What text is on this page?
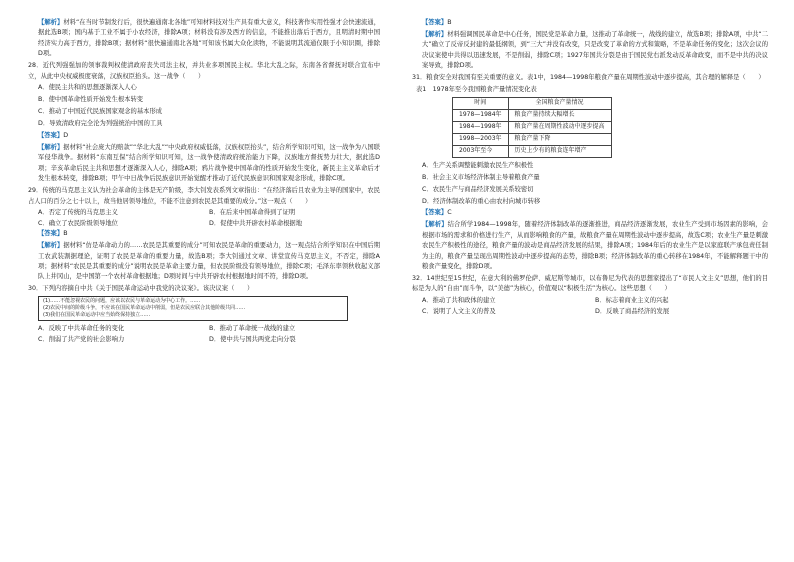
【解析】材料“在当时节制发行后，很快遍通南北各地”可知材料技对生产具有重大意义，科技著作实用性强才会快速流通，据此选B项；国内基于工业不属于小农经济，排除A项；材料没有涉及西方的信息，不能推出落后于西方，且明清时期中国经济实力高于西方，排除B项；据材料“很快遍通南北各地”可知该书属大众化读物，不能说明其流通仅限于小知识圈，排除D项。

28．近代列强强加的领事裁判权使清政府丧失司法主权，并共业多项国民主权。华北大乱之际，东南各省督抚对联合宣布中立，从此中央权威极度衰落，汉族权臣抬头。这一战争（　　）

A．使民主共和的思想逐渐深入人心

B．使中国革命性质开始发生根本转变

C．推动了中国近代民族国家观念的基本形成

D．导致清政府完全沦为列强统治中国的工具

【答案】D

【解析】据材料“社会庞大的赔款”“华北大乱”“中央政府权威低落，汉族权臣抬头”，结合所学知识可知，这一战争为八国联军侵华战争。据材料“东南互保”结合所学知识可知，这一战争使清政府统治能力下降，汉族地方督抚势力壮大，据此选D项；辛亥革命后民主共和思想才逐渐深入人心，排除A项；鸦片战争使中国革命的性质开始发生变化，新民主主义革命后才发生根本转变，排除B项；甲午中日战争后民族意识开始觉醒才推动了近代民族意识和国家观念形成，排除C项。

29．传统的马克思主义认为社会革命的主体是无产阶级，李大钊发表系列文章指出：“在经济落后且农业为主导的国家中，农民占人口的百分之七十以上，故当他居领导地位，不能不注意到农民是其重要的成分。”这一观点（　　）

A．否定了传统的马克思主义	B．在后来中国革命得到了证明
C．确立了农民阶级领导地位	D．促使中共开辟农村革命根据地

【答案】B

【解析】据材料“仿是革命动力的……农民是其重要的成分”可知农民是革命的重要动力，这一观点结合所学知识在中国后期工农武装割据理论，证明了农民是革命的重要力量，故选B项；李大钊通过文章、讲堂宣传马克思主义，不否定，排除A项；据材料“农民是其重要的成分”说明农民是革命主要力量，但农民阶级没有领导地位，排除C项；毛泽东率领秋收起义部队上井冈山，是中国第一个农村革命根据地；D项时间与中共开辟农村根据地时间不符，排除D项。

30．下列内容摘自中共《关于国民革命运动中我党的决议案》。该决议案（　　）

(1)……不能忽视农民的问题，应该以农民与革命运动为中心工作。……
(2)农民中间的阶级斗争，不应该在国民革命运动中削弱，但是农民应联合其他阶级共同……
(3)我们在国民革命运动中应当始终保持独立……
A．反映了中共革命任务的变化	B．推动了革命统一战线的建立
C．削弱了共产党的社会影响力	D．使中共与国共两党走向分裂

【答案】B

【解析】材料强调国民革命是中心任务，国民党是革命力量，这推动了革命统一，战线的建立，故选B项；排除A项，中共“二大”确立了反帝反封建的最低纲领，到“三大”并没有改变，只是改变了革命的方式和策略，不是革命任务的变化；这次会议的决议案使中共得以迅速发展，不是削弱，排除C项；1927年国共分裂是由于国民党右派发动反革命政变，而不是中共的决议案导致，排除D项。

31．粮食安全对我国有至关重要的意义。表1中，1984—1998年粮食产量在周期性波动中逐步提高，其合理的解释是（　　）

表1　1978年至今我国粮食产量情况变化表

时间	全国粮食产量情况
1978—1984年	粮食产量持续大幅增长
1984—1998年	粮食产量在周期性波动中逐步提高
1998—2003年	粮食产量下降
2003年至今	历史上少有的粮食连年增产

A．生产关系调整能刺激农民生产积极性

B．社会主义市场经济体制主导着粮食产量

C．农民生产与商品经济发展关系较密切

D．经济体制改革的重心由农村向城市转移

【答案】C

【解析】结合所学1984—1998年，随着经济体制改革的逐渐推进，商品经济逐渐发展，农业生产受到市场因素的影响，会根据市场的需求和价格进行生产，从而影响粮食的产量，故粮食产量在周期性波动中逐步提高，故选C项；农业生产量是刺激农民生产积极性的途径，粮食产量的波动是商品经济发展的结果，排除A项；1984年后的农业生产是以家庭联产承包责任制为主的，粮食产量呈现出周期性波动中逐步提高的态势，排除B项；经济体制改革的重心转移在1984年，不能解释题干中的粮食产量变化，排除D项。

32．14世纪至15世纪，在意大利的佛罗伦萨、威尼斯等城市，以布鲁尼为代表的思想家提出了“市民人文主义”思想，他们的目标是为人的“自由”而斗争，以“美德”为核心，价值观以“积极生活”为核心。这些思想（　　）

A．推动了共和政体的建立	B．标志着商业主义的兴起
C．说明了人文主义的普及	D．反映了商品经济的发展
